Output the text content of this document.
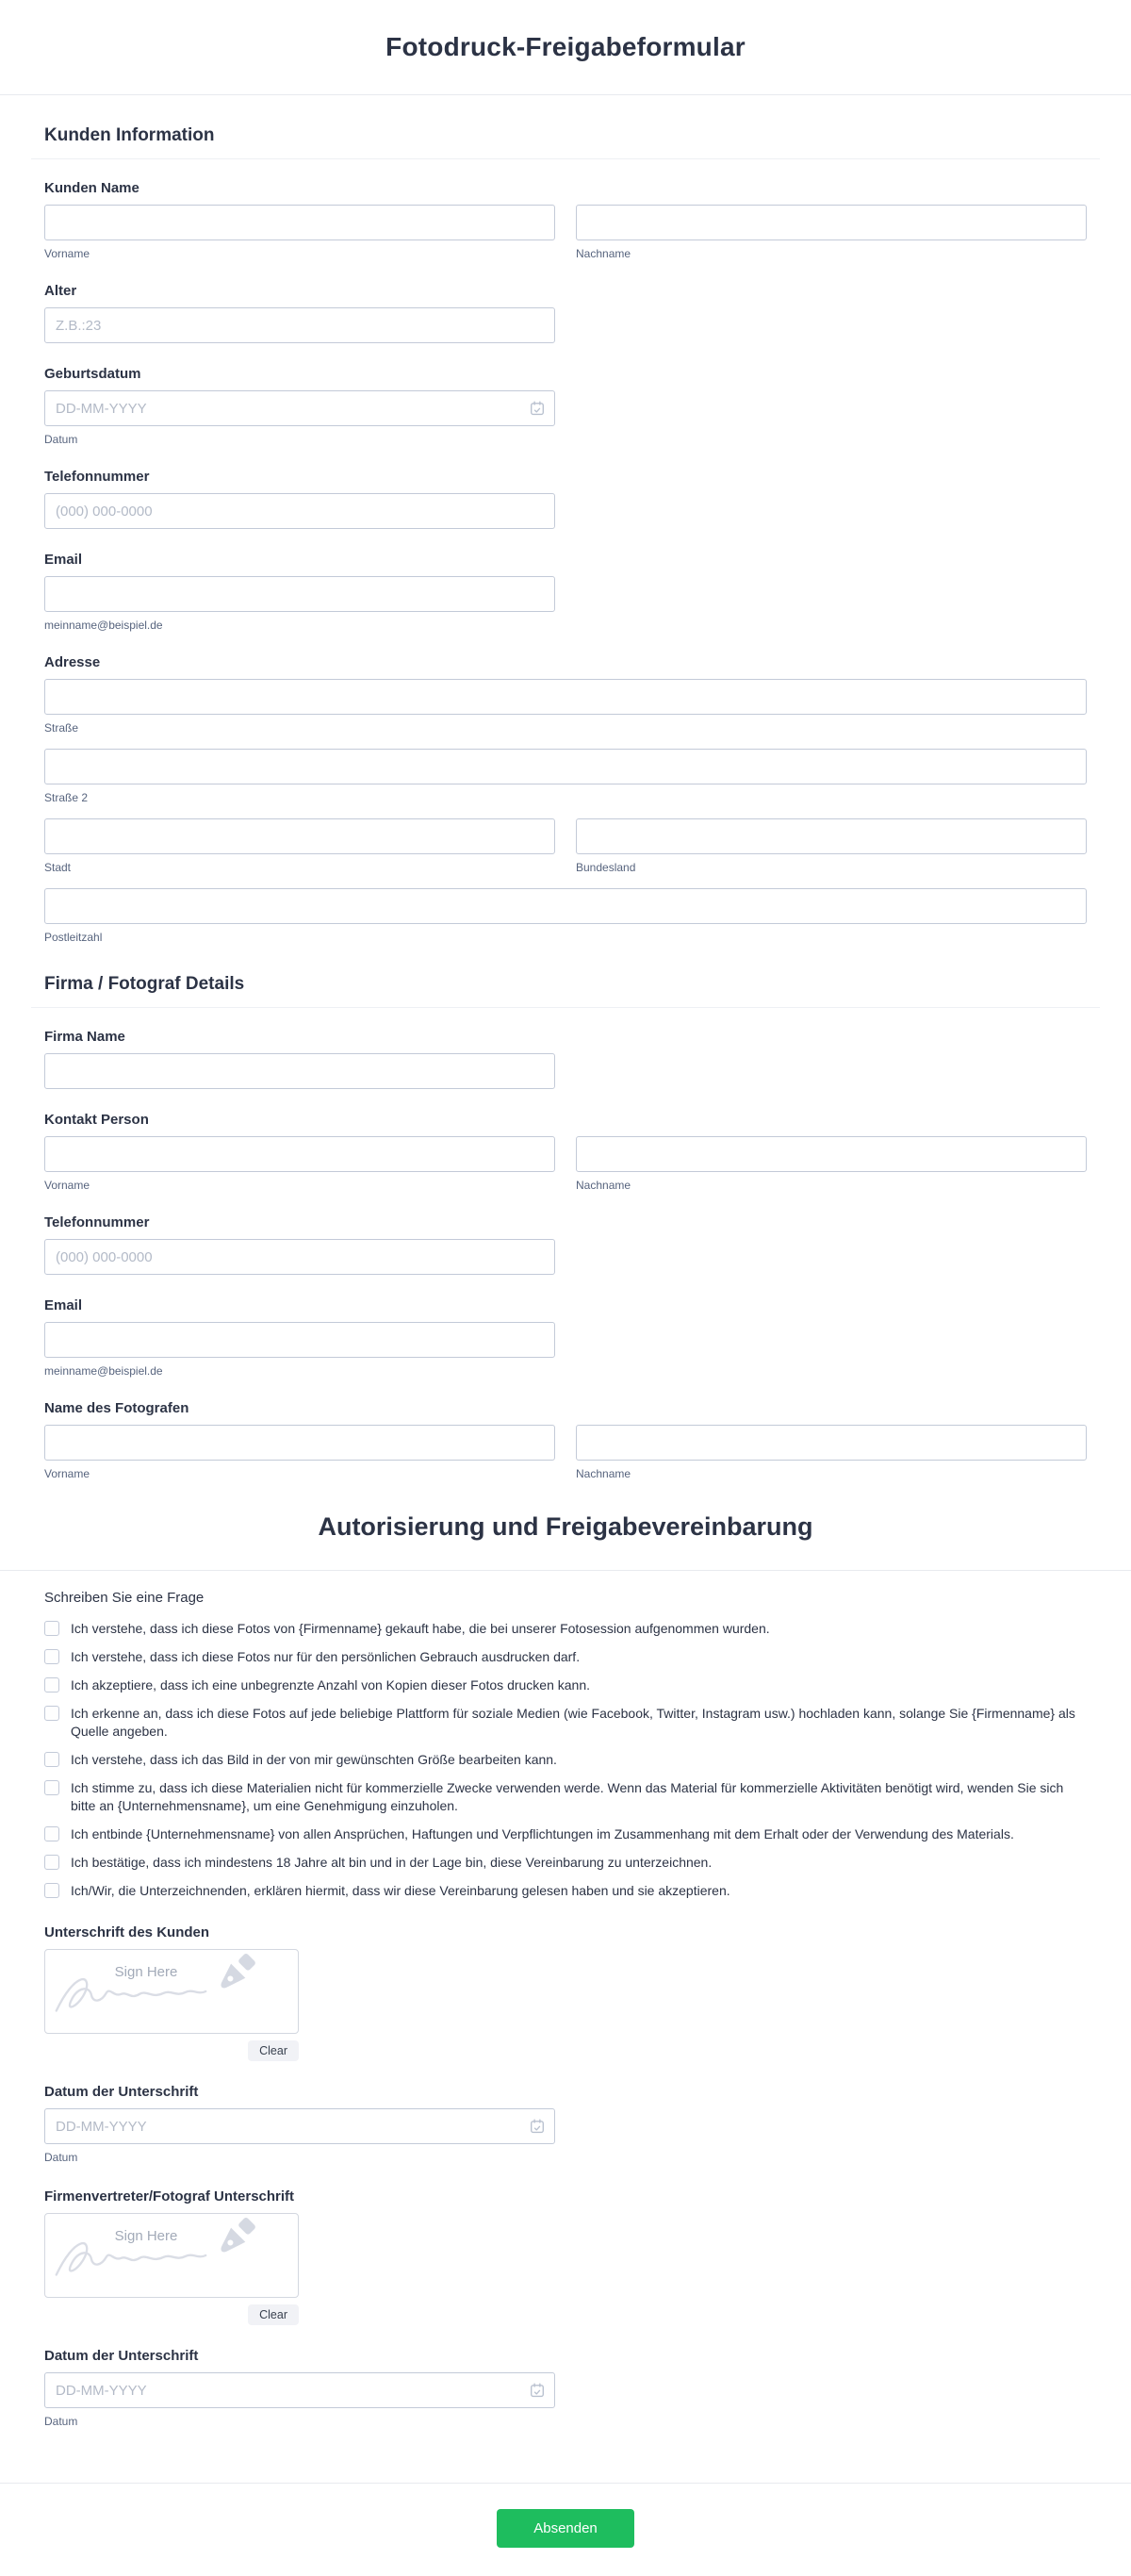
Fotodruck-Freigabeformular
Kunden Information
Kunden Name
Vorname	Nachname
Alter
Z.B.:23
Geburtsdatum
DD-MM-YYYY
Datum
Telefonnummer
(000) 000-0000
Email
meinname@beispiel.de
Adresse
Straße
Straße 2
Stadt	Bundesland
Postleitzahl
Firma / Fotograf Details
Firma Name
Kontakt Person
Vorname	Nachname
Telefonnummer
(000) 000-0000
Email
meinname@beispiel.de
Name des Fotografen
Vorname	Nachname
Autorisierung und Freigabevereinbarung
Schreiben Sie eine Frage
Ich verstehe, dass ich diese Fotos von {Firmenname} gekauft habe, die bei unserer Fotosession aufgenommen wurden.
Ich verstehe, dass ich diese Fotos nur für den persönlichen Gebrauch ausdrucken darf.
Ich akzeptiere, dass ich eine unbegrenzte Anzahl von Kopien dieser Fotos drucken kann.
Ich erkenne an, dass ich diese Fotos auf jede beliebige Plattform für soziale Medien (wie Facebook, Twitter, Instagram usw.) hochladen kann, solange Sie {Firmenname} als Quelle angeben.
Ich verstehe, dass ich das Bild in der von mir gewünschten Größe bearbeiten kann.
Ich stimme zu, dass ich diese Materialien nicht für kommerzielle Zwecke verwenden werde. Wenn das Material für kommerzielle Aktivitäten benötigt wird, wenden Sie sich bitte an {Unternehmensname}, um eine Genehmigung einzuholen.
Ich entbinde {Unternehmensname} von allen Ansprüchen, Haftungen und Verpflichtungen im Zusammenhang mit dem Erhalt oder der Verwendung des Materials.
Ich bestätige, dass ich mindestens 18 Jahre alt bin und in der Lage bin, diese Vereinbarung zu unterzeichnen.
Ich/Wir, die Unterzeichnenden, erklären hiermit, dass wir diese Vereinbarung gelesen haben und sie akzeptieren.
Unterschrift des Kunden
Sign Here
Clear
Datum der Unterschrift
DD-MM-YYYY
Datum
Firmenvertreter/Fotograf Unterschrift
Sign Here
Clear
Datum der Unterschrift
DD-MM-YYYY
Datum
Absenden
